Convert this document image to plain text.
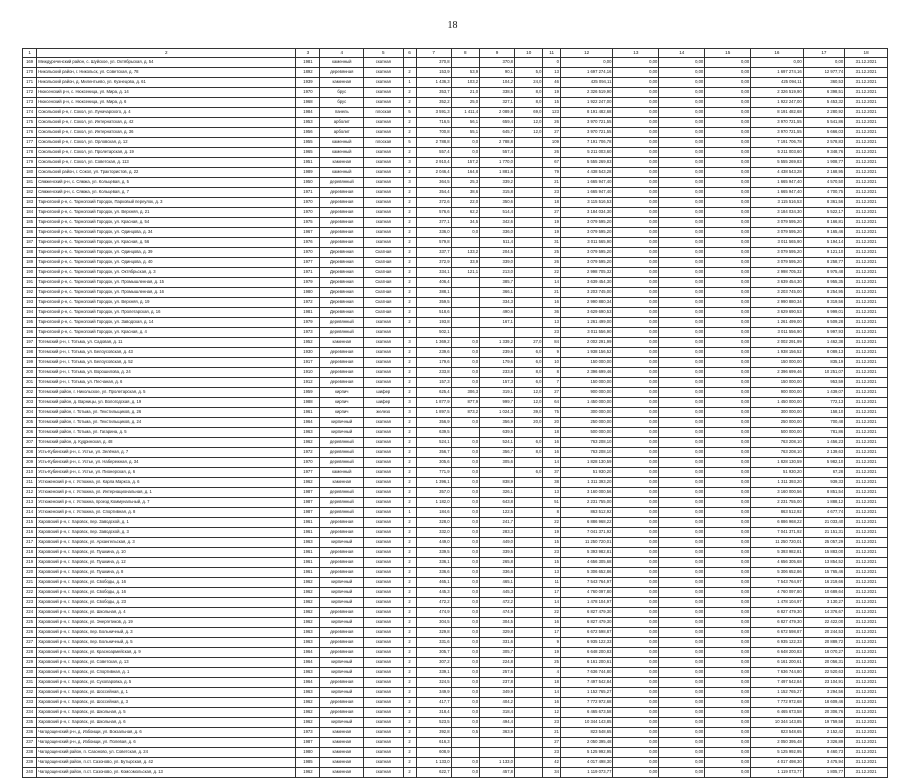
18
1	2	3	4	5	6	7	8	9	10	11	12	13	14	15	16	17	18
169	Междуреченский район, с. Шуйское, ул. Октябрьская, д. 54	1981	каменный	скатная		370,8		370,8		0	0,00	0,00	0,00	0,00	0,00	0,00	31.12.2021
170	Никольский район, г. Никольск, ул. Советская, д. 78	1892	деревянная	скатная	2	153,9	53,9	90,1	5,0	13	1 697 274,16	0,00	0,00	0,00	1 697 274,16	12 977,74	31.12.2021
171	Никольский район, д. Милентьево, ул. Кузнецова, д. 61	1939	каменная	скатная	1	1 436,3	103,2	104,2	24,0	46	425 094,11	0,00	0,00	0,00	425 094,11	360,53	31.12.2021
172	Нюксенский р-н, с. Нюксеница, ул. Мира, д. 14	1970	брус	скатная	2	353,7	21,0	338,5	8,0	19	2 326 519,90	0,00	0,00	0,00	2 326 519,90	6 398,51	31.12.2021
173	Нюксенский р-н, с. Нюксеница, ул. Мира, д. 6	1968	брус	скатная	2	352,2	25,0	327,1	8,0	15	1 922 247,00	0,00	0,00	0,00	1 922 247,00	5 453,32	31.12.2021
174	Сокольский р-н, г. Сокол, ул. Луначарского, д. 4	1984	панель	плоская	5	3 591,3	1 411,4	2 089,8	69,0	123	8 191 482,68	0,00	0,00	0,00	8 191 482,68	2 280,92	31.12.2021
175	Сокольский р-н, г. Сокол, ул. Интернатская, д. 42	1953	арболит	скатная	2	716,5	56,1	659,4	12,0	26	3 970 721,55	0,00	0,00	0,00	3 970 721,55	5 541,86	31.12.2021
176	Сокольский р-н, г. Сокол, ул. Интернатская, д. 36	1956	арболит	скатная	2	700,8	55,1	645,7	12,0	27	3 970 721,55	0,00	0,00	0,00	3 970 721,55	5 666,03	31.12.2021
177	Сокольский р-н, г. Сокол, ул. Орловская, д. 12	1955	каменный	плоская	5	2 788,8	0,0	2 788,8		109	7 191 706,78	0,00	0,00	0,00	7 191 706,78	2 578,83	31.12.2021
178	Сокольский р-н, г. Сокол, ул. Пролетарская, д. 19	1965	каменный	скатная	2	557,4	0,0	557,4		26	5 211 003,60	0,00	0,00	0,00	5 211 003,60	9 348,76	31.12.2021
179	Сокольский р-н, г. Сокол, ул. Советская, д. 113	1951	каменная	скатная	3	2 910,4	157,2	1 770,0		67	5 555 269,83	0,00	0,00	0,00	5 555 269,83	1 908,77	31.12.2021
180	Сокольский район, г. Сокол, ул. Трактористов, д. 22	1989	каменный	скатная	2	2 046,4	164,8	1 881,6		79	4 438 543,28	0,00	0,00	0,00	4 438 543,28	2 168,95	31.12.2021
181	Сямженский р-н, с. Сямжа, ул. Кольцевая, д. 5	1950	деревянный	скатная	3	364,5	25,3	339,2		21	1 665 947,40	0,00	0,00	0,00	1 665 947,40	4 570,50	31.12.2021
182	Сямженский р-н, с. Сямжа, ул. Кольцевая, д. 7	1971	деревянная	скатная	2	354,4	38,6	315,8		23	1 665 947,40	0,00	0,00	0,00	1 665 947,40	4 700,75	31.12.2021
183	Тарногский р-н, с. Тарногский Городок, Парковый переулок, д. 3	1970	деревянная	скатная	2	372,6	22,0	350,6		18	3 115 516,53	0,00	0,00	0,00	3 115 516,53	8 361,56	31.12.2021
184	Тарногский р-н, с. Тарногский Городок, ул. Верхняя, д. 21	1970	деревянная	скатная	2	576,6	62,2	514,4		27	3 184 034,30	0,00	0,00	0,00	3 184 034,30	5 522,17	31.12.2021
185	Тарногский р-н, с. Тарногский Городок, ул. Красная, д. 54	1975	деревянная	скатная	2	377,1	34,5	342,6		19	3 079 595,20	0,00	0,00	0,00	3 079 595,20	8 166,81	31.12.2021
186	Тарногский р-н, с. Тарногский Городок, ул. Одинцова, д. 34	1967	деревянная	скатная	2	336,0	0,0	336,0		19	3 079 595,20	0,00	0,00	0,00	3 079 595,20	9 165,46	31.12.2021
187	Тарногский р-н, с. Тарногский Городок, ул. Красная, д. 56	1976	деревянная	скатная	2	579,8		511,4		31	3 011 565,90	0,00	0,00	0,00	3 011 565,90	5 194,14	31.12.2021
188	Тарногский р-н, с. Тарногский Городок, ул. Одинцова, д. 39	1970	Деревянная	Скатная	2	337,7	133,2	204,5		25	3 079 595,20	0,00	0,00	0,00	3 079 595,20	9 121,10	31.12.2021
189	Тарногский р-н, с. Тарногский Городок, ул. Одинцова, д. 40	1977	Деревянная	Скатная	2	372,9	33,9	339,0		26	3 079 595,20	0,00	0,00	0,00	3 079 595,20	8 258,77	31.12.2021
190	Тарногский р-н, с. Тарногский Городок, ул. Октябрьская, д. 3	1971	Деревянная	Скатная	2	334,1	121,1	213,0		22	2 998 705,32	0,00	0,00	0,00	2 998 705,32	8 975,48	31.12.2021
191	Тарногский р-н, с. Тарногский Городок, ул. Промышленная, д. 15	1979	Деревянная	Скатная	2	406,4		385,7		14	3 639 454,30	0,00	0,00	0,00	3 639 454,30	8 955,35	31.12.2021
192	Тарногский р-н, с. Тарногский Городок, ул. Промышленная, д. 16	1980	Деревянная	Скатная	2	388,1		366,1		21	3 203 745,00	0,00	0,00	0,00	3 203 745,00	8 254,95	31.12.2021
193	Тарногский р-н, с. Тарногский Городок, ул. Верхняя, д. 19	1972	Деревянная	Скатная	2	359,5		334,3		16	2 990 880,34	0,00	0,00	0,00	2 990 880,34	8 319,56	31.12.2021
194	Тарногский р-н, с. Тарногский Городок, ул. Пролетарская, д. 16	1981	Деревянная	Скатная	2	518,6		490,6		36	3 629 690,53	0,00	0,00	0,00	3 629 690,53	6 999,01	31.12.2021
195	Тарногский р-н, с. Тарногский Городок, ул. Заводская, д. 14	1979	деревянный	скатная	2	193,8		167,1		13	1 261 499,00	0,00	0,00	0,00	1 261 499,00	6 509,28	31.12.2021
196	Тарногский р-н, с. Тарногский Городок, ул. Красная, д. 4	1973	деревянный	скатная		502,1				23	3 011 556,90	0,00	0,00	0,00	3 011 556,90	5 997,93	31.12.2021
197	Тотемский р-н, г. Тотьма, ул. Садовая, д. 11	1952	каменная	скатная	3	1 369,2	0,0	1 339,2	27,0	84	2 002 291,99	0,00	0,00	0,00	2 002 291,99	1 462,38	31.12.2021
198	Тотемский р-н, г. Тотьма, ул. Белоусовская, д. 43	1930	деревянная	скатная	2	239,6	0,0	239,6	6,0	9	1 938 156,52	0,00	0,00	0,00	1 938 156,52	8 089,13	31.12.2021
199	Тотемский р-н, г. Тотьма, ул. Белоусовская, д. 52	1917	деревянная	скатная	2	179,6	0,0	179,6	6,0	10	150 000,00	0,00	0,00	0,00	150 000,00	835,19	31.12.2021
200	Тотемский р-н, г. Тотьма, ул. Ворошилова, д. 24	1910	деревянная	скатная	2	233,8	0,0	233,8	8,0	8	2 396 699,46	0,00	0,00	0,00	2 396 699,46	10 251,07	31.12.2021
201	Тотемский р-н, г. Тотьма, ул. Песчаная, д. 6	1912	деревянная	скатная	2	157,3	0,0	157,3	6,0	7	150 000,00	0,00	0,00	0,00	150 000,00	953,59	31.12.2021
202	Тотемский район, г. Никольское, ул. Пролетарская, д. 5	1959	кирпич	шифер	2	625,4	306,3	319,1	12,0	27	900 000,00	0,00	0,00	0,00	900 000,00	1 439,07	31.12.2021
203	Тотемский район, д. Варницы, ул. Вологодская, д. 19	1988	кирпич	шифер	3	1 877,9	877,9	999,7	12,0	64	1 450 000,00	0,00	0,00	0,00	1 450 000,00	772,13	31.12.2021
204	Тотемский район, г. Тотьма, ул. Текстильщиков, д. 26	1961	кирпич	железо	3	1 897,5	873,2	1 024,3	39,0	75	300 000,00	0,00	0,00	0,00	300 000,00	158,10	31.12.2021
205	Тотемский район, г. Тотьма, ул. Текстильщиков, д. 24	1964	кирпичный	скатная	2	356,9	0,0	356,9	20,0	20	250 000,00	0,00	0,00	0,00	250 000,00	700,48	31.12.2021
206	Тотемский район, г. Тотьма, ул. Гагарина, д. 5	1963	кирпичный	скатная	2	639,5		639,5		18	500 000,00	0,00	0,00	0,00	500 000,00	781,86	31.12.2021
207	Тотемский район, д. Кудринская, д. 48	1962	деревянный	скатная	2	524,1	0,0	524,1	6,0	16	763 208,10	0,00	0,00	0,00	763 208,10	1 456,23	31.12.2021
208	Усть-Кубинский р-н, с. Устье, ул. Зелёная, д. 7	1972	деревянный	скатная	2	356,7	0,0	356,7	8,0	16	763 208,10	0,00	0,00	0,00	763 208,10	2 139,63	31.12.2021
209	Усть-Кубинский р-н, с. Устье, ул. Набережная, д. 34	1970	деревянный	скатная	2	305,6	0,0	305,6		14	1 828 130,59	0,00	0,00	0,00	1 828 130,59	5 982,10	31.12.2021
210	Усть-Кубинский р-н, с. Устье, ул. Пионерская, д. 6	1977	каменный	скатная	2	771,9	0,0		6,0	37	51 930,20	0,00	0,00	0,00	51 930,20	67,28	31.12.2021
211	Устюженский р-н, г. Устюжна, ул. Карла Маркса, д. 6	1962	каменная	скатная	2	1 396,1	0,0	838,9		38	1 311 393,20	0,00	0,00	0,00	1 311 393,20	939,33	31.12.2021
212	Устюженский р-н, г. Устюжна, ул. Интернациональная, д. 1	1987	деревянный	скатная	2	357,0	0,0	326,1		13	3 160 000,56	0,00	0,00	0,00	3 160 000,56	8 851,54	31.12.2021
213	Устюженский р-н, г. Устюжна, проезд Коммунальный, д. 7	1987	деревянный	скатная	2	1 182,0	0,0	643,8		51	2 231 755,00	0,00	0,00	0,00	2 231 755,00	1 888,12	31.12.2021
214	Устюженский р-н, г. Устюжна, ул. Спортивная, д. 8	1987	деревянный	скатная	1	184,6	0,0	122,5		8	863 512,92	0,00	0,00	0,00	863 512,92	4 677,74	31.12.2021
215	Харовский р-н, г. Харовск, пер. Заводской, д. 1	1961	деревянная	скатная	2	328,0	0,0	241,7		22	6 886 968,22	0,00	0,00	0,00	6 886 968,22	21 033,40	31.12.2021
216	Харовский р-н, г. Харовск, пер. Заводской, д. 3	1961	деревянная	скатная	2	332,0	0,0	283,3		19	7 041 371,92	0,00	0,00	0,00	7 041 371,92	21 151,31	31.12.2021
217	Харовский р-н, г. Харовск, ул. Архангельская, д. 3	1963	кирпичный	скатная	2	449,0	0,0	449,0		15	11 250 720,01	0,00	0,00	0,00	11 250 720,01	25 057,29	31.12.2021
218	Харовский р-н, г. Харовск, ул. Пушкина, д. 10	1961	деревянная	скатная	2	339,5	0,0	339,5		23	5 393 982,81	0,00	0,00	0,00	5 393 982,81	15 883,00	31.12.2021
219	Харовский р-н, г. Харовск, ул. Пушкина, д. 12	1961	деревянная	скатная	2	336,1	0,0	265,8		15	4 656 305,68	0,00	0,00	0,00	4 656 305,68	13 854,52	31.12.2021
220	Харовский р-н, г. Харовск, ул. Пушкина, д. 8	1961	деревянная	скатная	2	336,6	0,0	336,6		13	5 306 652,86	0,00	0,00	0,00	5 306 652,86	15 765,46	31.12.2021
221	Харовский р-н, г. Харовск, ул. Свободы, д. 16	1962	кирпичный	скатная	2	465,1	0,0	465,1		11	7 543 764,97	0,00	0,00	0,00	7 543 764,97	16 219,66	31.12.2021
222	Харовский р-н, г. Харовск, ул. Свободы, д. 16	1962	кирпичный	скатная	2	445,3	0,0	445,3		17	4 760 097,80	0,00	0,00	0,00	4 760 097,80	10 689,64	31.12.2021
223	Харовский р-н, г. Харовск, ул. Свободы, д. 23	1962	кирпичный	скатная	2	472,2	0,0	472,2		14	1 478 104,97	0,00	0,00	0,00	1 478 104,97	3 130,27	31.12.2021
224	Харовский р-н, г. Харовск, ул. Школьная, д. 4	1962	деревянная	скатная	2	474,9	0,0	474,9		22	6 827 479,30	0,00	0,00	0,00	6 827 479,30	14 376,67	31.12.2021
225	Харовский р-н, г. Харовск, ул. Энергетиков, д. 19	1962	кирпичный	скатная	2	304,5	0,0	304,5		16	6 827 479,30	0,00	0,00	0,00	6 827 479,30	22 422,00	31.12.2021
226	Харовский р-н, г. Харовск, пер. Больничный, д. 3	1963	деревянная	скатная	2	329,8	0,0	329,8		17	6 672 598,87	0,00	0,00	0,00	6 672 598,87	20 244,53	31.12.2021
227	Харовский р-н, г. Харовск, пер. Больничный, д. 5	1963	деревянная	скатная	2	331,6	0,0	331,6		9	6 935 122,33	0,00	0,00	0,00	6 935 122,33	20 889,72	31.12.2021
228	Харовский р-н, г. Харовск, ул. Красноармейская, д. 9	1964	деревянная	скатная	2	305,7	0,0	305,7		19	6 648 200,83	0,00	0,00	0,00	6 648 200,83	18 070,27	31.12.2021
229	Харовский р-н, г. Харовск, ул. Советская, д. 13	1964	кирпичный	скатная	2	307,2	0,0	224,8		25	6 161 200,61	0,00	0,00	0,00	6 161 200,61	20 056,31	31.12.2021
230	Харовский р-н, г. Харовск, ул. Спортивная, д. 1	1963	кирпичный	скатная	2	339,1	0,0	257,6		4	7 636 744,80	0,00	0,00	0,00	7 636 744,80	22 520,63	31.12.2021
231	Харовский р-н, г. Харовск, ул. Сухопаровка, д. 5	1964	деревянная	скатная	2	324,5	0,0	237,8		18	7 497 542,84	0,00	0,00	0,00	7 497 542,84	23 104,91	31.12.2021
232	Харовский р-н, г. Харовск, ул. Шоссейная, д. 1	1963	кирпичный	скатная	2	349,9	0,0	349,9		14	1 152 765,27	0,00	0,00	0,00	1 152 765,27	3 294,56	31.12.2021
233	Харовский р-н, г. Харовск, ул. Шоссейная, д. 3	1962	деревянная	скатная	2	417,7	0,0	404,2		16	7 772 972,68	0,00	0,00	0,00	7 772 972,68	18 609,46	31.12.2021
234	Харовский р-н, г. Харовск, ул. Школьная, д. 5	1962	деревянная	скатная	2	318,4	0,0	318,4		12	6 465 673,58	0,00	0,00	0,00	6 465 673,58	20 306,76	31.12.2021
235	Харовский р-н, г. Харовск, ул. Школьная, д. 6	1962	кирпичный	скатная	2	523,5	0,0	494,4		23	10 344 143,85	0,00	0,00	0,00	10 344 143,85	19 759,58	31.12.2021
236	Чагодощенский р-н, д. Избоищи, ул. Вокзальная, д. 6	1973	каменная	скатная	2	392,8	0,5	363,9		21	823 548,65	0,00	0,00	0,00	823 548,65	2 152,42	31.12.2021
237	Чагодощенский р-н, д. Избоищи, ул. Полевая, д. 6	1987	каменная	скатная	2	616,3				27	2 050 395,48	0,00	0,00	0,00	2 050 395,48	3 326,89	31.12.2021
238	Чагодощенский район, п. Сазоново, ул. Советская, д. 24	1980	каменная	скатная	2	608,9				23	5 125 992,95	0,00	0,00	0,00	5 125 992,95	8 460,73	31.12.2021
239	Чагодощенский район, п.ст. Сазоново, ул. Бутырская, д. 42	1985	каменная	скатная	2	1 133,0	0,0	1 133,0		42	4 017 498,30	0,00	0,00	0,00	4 017 498,30	3 475,94	31.12.2021
240	Чагодощенский район, п.ст. Сазоново, ул. Комсомольская, д. 13	1962	каменная	скатная	2	622,7	0,0	457,8		34	1 119 073,77	0,00	0,00	0,00	1 119 073,77	1 805,77	31.12.2021
